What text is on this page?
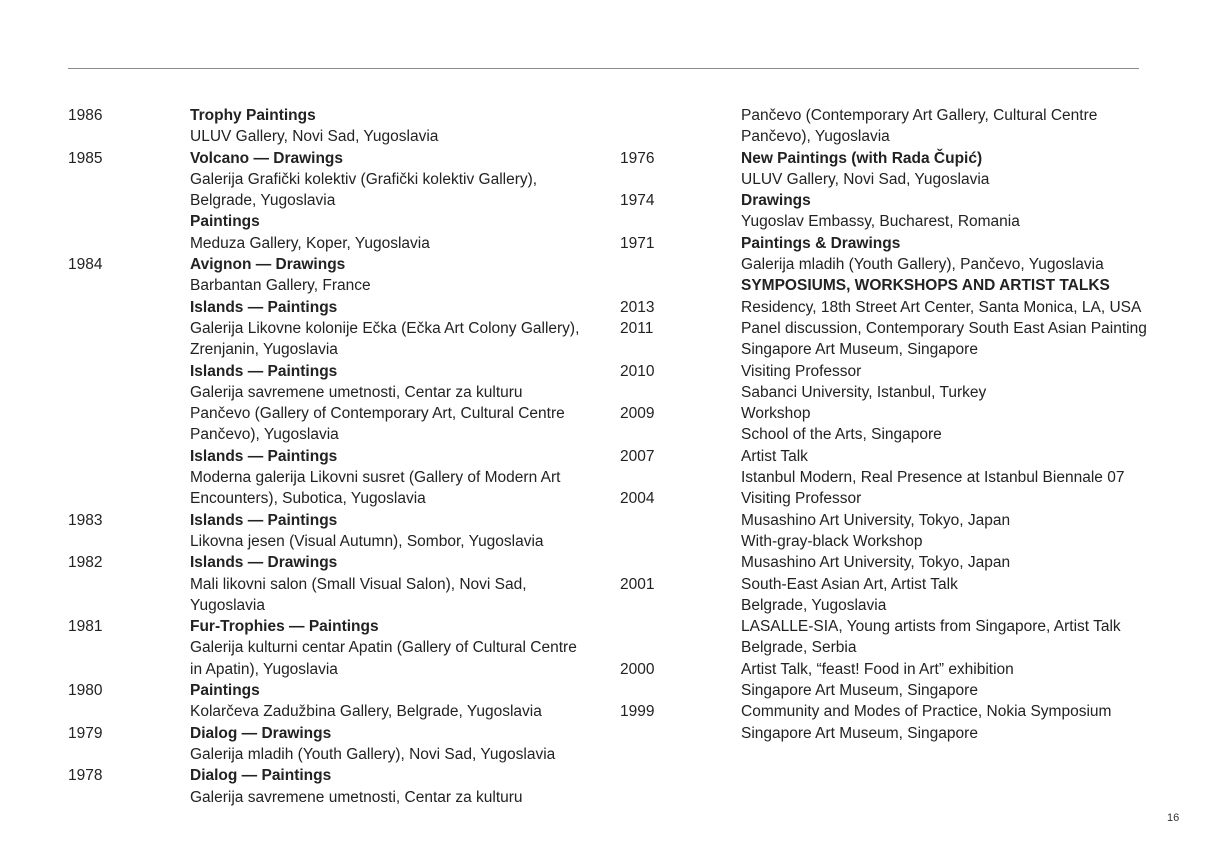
1986	Trophy Paintings
ULUV Gallery, Novi Sad, Yugoslavia
1985	Volcano — Drawings
Galerija Grafički kolektiv (Grafički kolektiv Gallery),
Belgrade, Yugoslavia
Paintings
Meduza Gallery, Koper, Yugoslavia
1984	Avignon — Drawings
Barbantan Gallery, France
Islands — Paintings
Galerija Likovne kolonije Ečka (Ečka Art Colony Gallery),
Zrenjanin, Yugoslavia
Islands — Paintings
Galerija savremene umetnosti, Centar za kulturu
Pančevo (Gallery of Contemporary Art, Cultural Centre
Pančevo), Yugoslavia
Islands — Paintings
Moderna galerija Likovni susret (Gallery of Modern Art
Encounters), Subotica, Yugoslavia
1983	Islands — Paintings
Likovna jesen (Visual Autumn), Sombor, Yugoslavia
1982	Islands — Drawings
Mali likovni salon (Small Visual Salon), Novi Sad,
Yugoslavia
1981	Fur-Trophies — Paintings
Galerija kulturni centar Apatin (Gallery of Cultural Centre
in Apatin), Yugoslavia
1980	Paintings
Kolarčeva Zadužbina Gallery, Belgrade, Yugoslavia
1979	Dialog — Drawings
Galerija mladih (Youth Gallery), Novi Sad, Yugoslavia
1978	Dialog — Paintings
Galerija savremene umetnosti, Centar za kulturu
Pančevo (Contemporary Art Gallery, Cultural Centre
Pančevo), Yugoslavia
1976	New Paintings (with Rada Čupić)
ULUV Gallery, Novi Sad, Yugoslavia
1974	Drawings
Yugoslav Embassy, Bucharest, Romania
1971	Paintings & Drawings
Galerija mladih (Youth Gallery), Pančevo, Yugoslavia
SYMPOSIUMS, WORKSHOPS AND ARTIST TALKS
2013	Residency, 18th Street Art Center, Santa Monica, LA, USA
2011	Panel discussion, Contemporary South East Asian Painting
Singapore Art Museum, Singapore
2010	Visiting Professor
Sabanci University, Istanbul, Turkey
2009	Workshop
School of the Arts, Singapore
2007	Artist Talk
Istanbul Modern, Real Presence at Istanbul Biennale 07
2004	Visiting Professor
Musashino Art University, Tokyo, Japan
With-gray-black Workshop
Musashino Art University, Tokyo, Japan
2001	South-East Asian Art, Artist Talk
Belgrade, Yugoslavia
LASALLE-SIA, Young artists from Singapore, Artist Talk
Belgrade, Serbia
2000	Artist Talk, “feast! Food in Art” exhibition
Singapore Art Museum, Singapore
1999	Community and Modes of Practice, Nokia Symposium
Singapore Art Museum, Singapore
16
